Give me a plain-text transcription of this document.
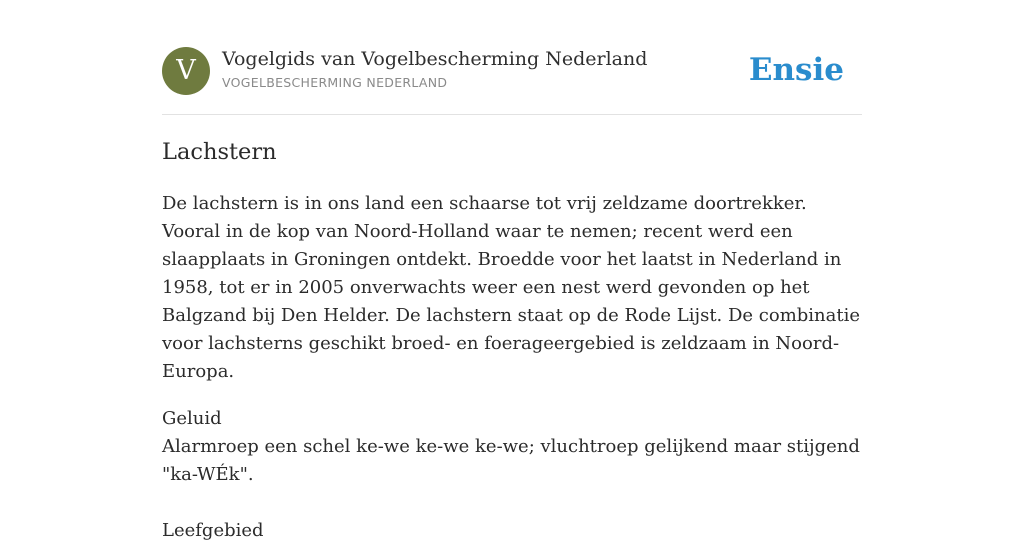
V	Vogelgids van Vogelbescherming Nederland
VOGELBESCHERMING NEDERLAND	Ensie
Lachstern

De lachstern is in ons land een schaarse tot vrij zeldzame doortrekker. Vooral in de kop van Noord-Holland waar te nemen; recent werd een slaapplaats in Groningen ontdekt. Broedde voor het laatst in Nederland in 1958, tot er in 2005 onverwachts weer een nest werd gevonden op het Balgzand bij Den Helder. De lachstern staat op de Rode Lijst. De combinatie voor lachsterns geschikt broed- en foerageergebied is zeldzaam in Noord-Europa.

Geluid
Alarmroep een schel ke-we ke-we ke-we; vluchtroep gelijkend maar stijgend "ka-WÉk".

Leefgebied
